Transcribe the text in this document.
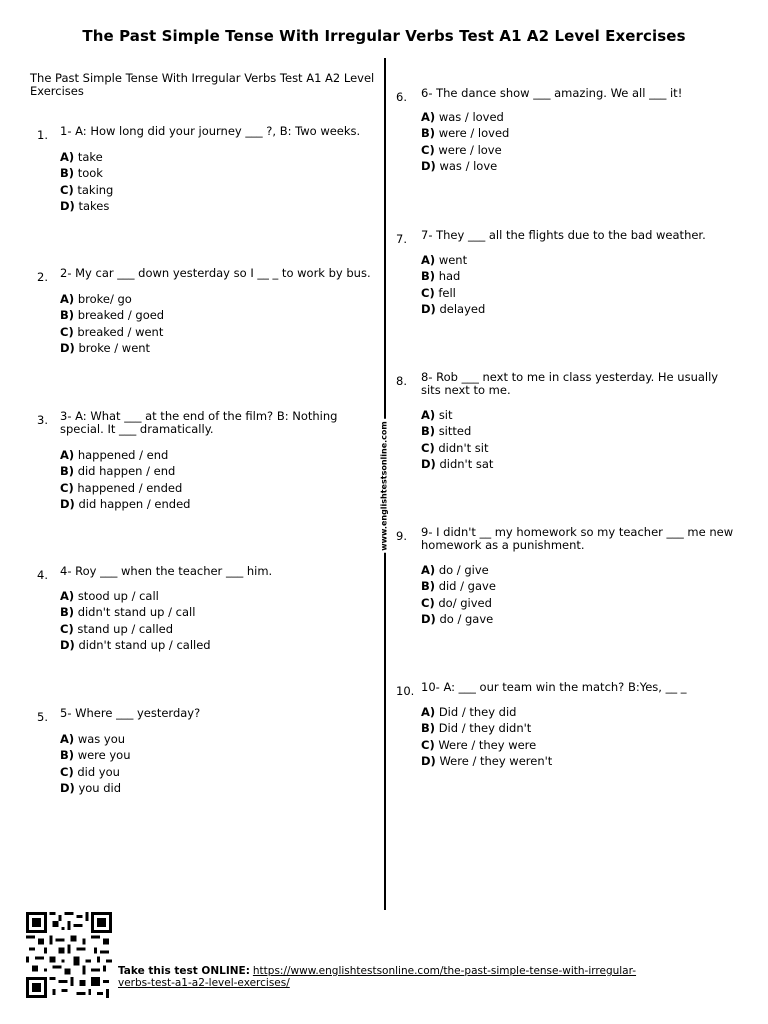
The Past Simple Tense With Irregular Verbs Test A1 A2 Level Exercises
The Past Simple Tense With Irregular Verbs Test A1 A2 Level Exercises
www.englishtestsonline.com
1.	1- A: How long did your journey ___ ?, B: Two weeks.
A) take
B) took
C) taking
D) takes
2.	2- My car ___ down yesterday so I __ _ to work by bus.
A) broke/ go
B) breaked / goed
C) breaked / went
D) broke / went
3.	3- A: What ___ at the end of the film? B: Nothing special. It ___ dramatically.
A) happened / end
B) did happen / end
C) happened / ended
D) did happen / ended
4.	4- Roy ___ when the teacher ___ him.
A) stood up / call
B) didn't stand up / call
C) stand up / called
D) didn't stand up / called
5.	5- Where ___ yesterday?
A) was you
B) were you
C) did you
D) you did
6.	6- The dance show ___ amazing. We all ___ it!
A) was / loved
B) were / loved
C) were / love
D) was / love
7.	7- They ___ all the flights due to the bad weather.
A) went
B) had
C) fell
D) delayed
8.	8- Rob ___ next to me in class yesterday. He usually sits next to me.
A) sit
B) sitted
C) didn't sit
D) didn't sat
9.	9- I didn't __ my homework so my teacher ___ me new homework as a punishment.
A) do / give
B) did / gave
C) do/ gived
D) do / gave
10. 10- A: ___ our team win the match? B:Yes, __ _
A) Did / they did
B) Did / they didn't
C) Were / they were
D) Were / they weren't
Take this test ONLINE: https://www.englishtestsonline.com/the-past-simple-tense-with-irregular-
verbs-test-a1-a2-level-exercises/
